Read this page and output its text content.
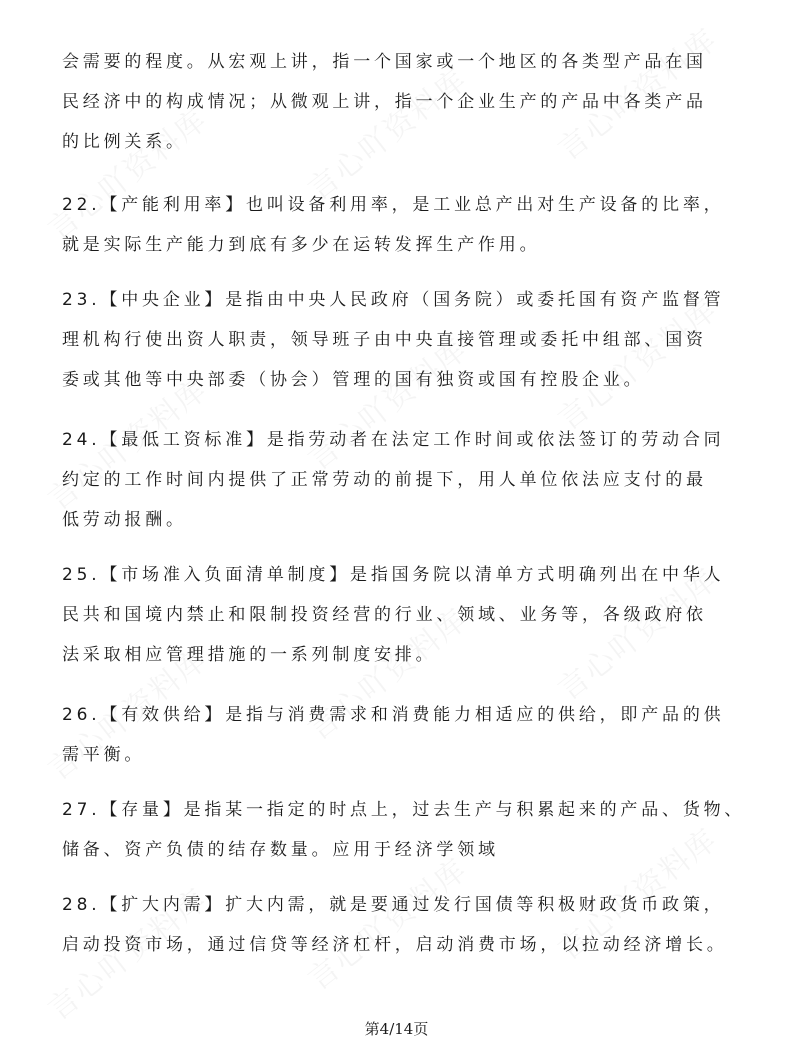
会需要的程度。从宏观上讲，指一个国家或一个地区的各类型产品在国
民经济中的构成情况；从微观上讲，指一个企业生产的产品中各类产品
的比例关系。
22.【产能利用率】也叫设备利用率，是工业总产出对生产设备的比率，
就是实际生产能力到底有多少在运转发挥生产作用。
23.【中央企业】是指由中央人民政府（国务院）或委托国有资产监督管
理机构行使出资人职责，领导班子由中央直接管理或委托中组部、国资
委或其他等中央部委（协会）管理的国有独资或国有控股企业。
24.【最低工资标准】是指劳动者在法定工作时间或依法签订的劳动合同
约定的工作时间内提供了正常劳动的前提下，用人单位依法应支付的最
低劳动报酬。
25.【市场准入负面清单制度】是指国务院以清单方式明确列出在中华人
民共和国境内禁止和限制投资经营的行业、领域、业务等，各级政府依
法采取相应管理措施的一系列制度安排。
26.【有效供给】是指与消费需求和消费能力相适应的供给，即产品的供
需平衡。
27.【存量】是指某一指定的时点上，过去生产与积累起来的产品、货物、
储备、资产负债的结存数量。应用于经济学领域
28.【扩大内需】扩大内需，就是要通过发行国债等积极财政货币政策，
启动投资市场，通过信贷等经济杠杆，启动消费市场，以拉动经济增长。
第4/14页
